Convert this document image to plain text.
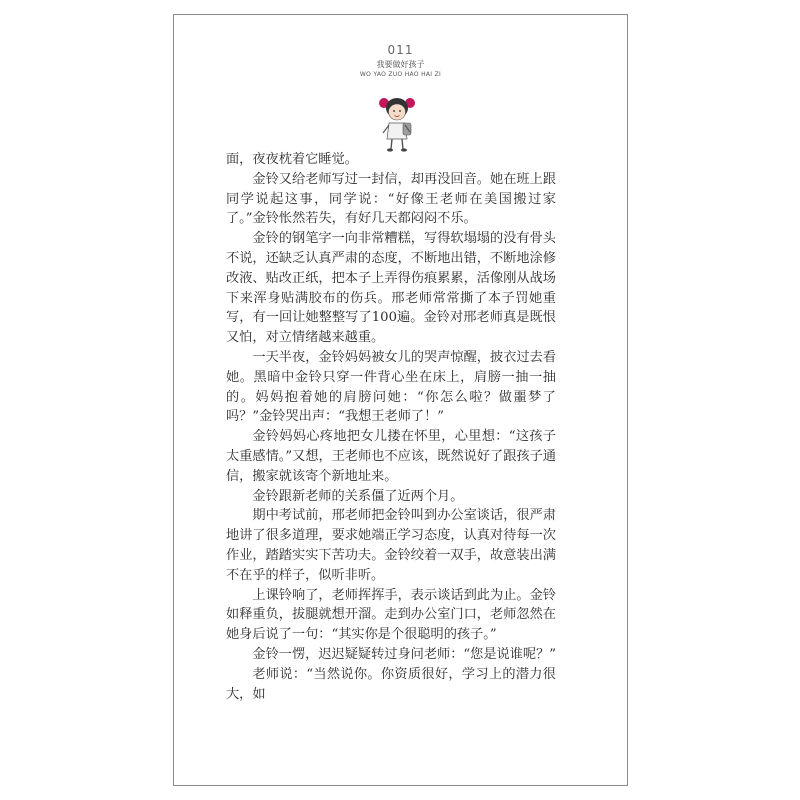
011
我要做好孩子
WO YAO ZUO HAO HAI ZI

面，夜夜枕着它睡觉。

金铃又给老师写过一封信，却再没回音。她在班上跟同学说起这事，同学说：“好像王老师在美国搬过家了。”金铃怅然若失，有好几天都闷闷不乐。

金铃的钢笔字一向非常糟糕，写得软塌塌的没有骨头不说，还缺乏认真严肃的态度，不断地出错，不断地涂修改液、贴改正纸，把本子上弄得伤痕累累，活像刚从战场下来浑身贴满胶布的伤兵。邢老师常常撕了本子罚她重写，有一回让她整整写了100遍。金铃对邢老师真是既恨又怕，对立情绪越来越重。

一天半夜，金铃妈妈被女儿的哭声惊醒，披衣过去看她。黑暗中金铃只穿一件背心坐在床上，肩膀一抽一抽的。妈妈抱着她的肩膀问她：“你怎么啦？做噩梦了吗？”金铃哭出声：“我想王老师了！”

金铃妈妈心疼地把女儿搂在怀里，心里想：“这孩子太重感情。”又想，王老师也不应该，既然说好了跟孩子通信，搬家就该寄个新地址来。

金铃跟新老师的关系僵了近两个月。

期中考试前，邢老师把金铃叫到办公室谈话，很严肃地讲了很多道理，要求她端正学习态度，认真对待每一次作业，踏踏实实下苦功夫。金铃绞着一双手，故意装出满不在乎的样子，似听非听。

上课铃响了，老师挥挥手，表示谈话到此为止。金铃如释重负，拔腿就想开溜。走到办公室门口，老师忽然在她身后说了一句：“其实你是个很聪明的孩子。”

金铃一愣，迟迟疑疑转过身问老师：“您是说谁呢？”

老师说：“当然说你。你资质很好，学习上的潜力很大，如
